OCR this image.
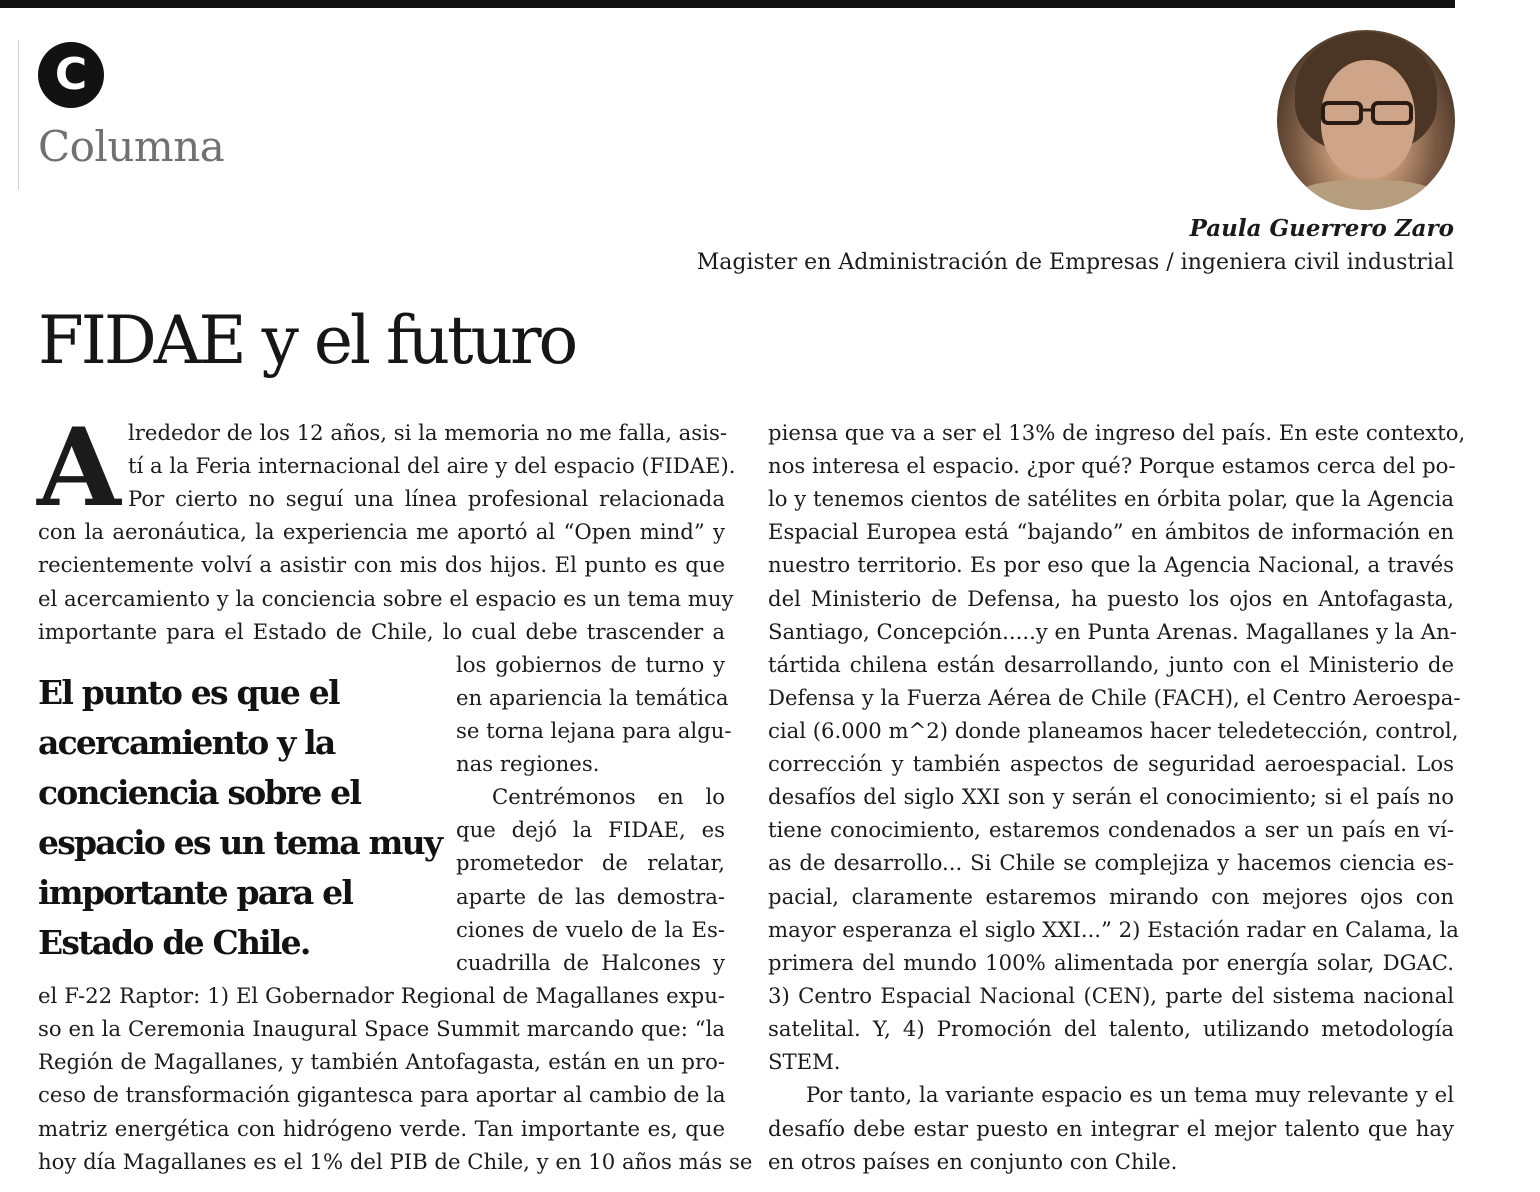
C
Columna
Paula Guerrero Zaro
Magister en Administración de Empresas / ingeniera civil industrial
FIDAE y el futuro
A
El punto es que el acercamiento y la conciencia sobre el espacio es un tema muy importante para el Estado de Chile.

lrededor de los 12 años, si la memoria no me falla, asis-

tí a la Feria internacional del aire y del espacio (FIDAE).

Por cierto no seguí una línea profesional relacionada

con la aeronáutica, la experiencia me aportó al “Open mind” y

recientemente volví a asistir con mis dos hijos. El punto es que

el acercamiento y la conciencia sobre el espacio es un tema muy

importante para el Estado de Chile, lo cual debe trascender a

los gobiernos de turno y

en apariencia la temática

se torna lejana para algu-

nas regiones.

Centrémonos en lo

que dejó la FIDAE, es

prometedor de relatar,

aparte de las demostra-

ciones de vuelo de la Es-

cuadrilla de Halcones y

el F-22 Raptor: 1) El Gobernador Regional de Magallanes expu-

so en la Ceremonia Inaugural Space Summit marcando que: “la

Región de Magallanes, y también Antofagasta, están en un pro-

ceso de transformación gigantesca para aportar al cambio de la

matriz energética con hidrógeno verde. Tan importante es, que

hoy día Magallanes es el 1% del PIB de Chile, y en 10 años más se

piensa que va a ser el 13% de ingreso del país. En este contexto,

nos interesa el espacio. ¿por qué? Porque estamos cerca del po-

lo y tenemos cientos de satélites en órbita polar, que la Agencia

Espacial Europea está “bajando” en ámbitos de información en

nuestro territorio. Es por eso que la Agencia Nacional, a través

del Ministerio de Defensa, ha puesto los ojos en Antofagasta,

Santiago, Concepción.....y en Punta Arenas. Magallanes y la An-

tártida chilena están desarrollando, junto con el Ministerio de

Defensa y la Fuerza Aérea de Chile (FACH), el Centro Aeroespa-

cial (6.000 m^2) donde planeamos hacer teledetección, control,

corrección y también aspectos de seguridad aeroespacial. Los

desafíos del siglo XXI son y serán el conocimiento; si el país no

tiene conocimiento, estaremos condenados a ser un país en ví-

as de desarrollo... Si Chile se complejiza y hacemos ciencia es-

pacial, claramente estaremos mirando con mejores ojos con

mayor esperanza el siglo XXI...” 2) Estación radar en Calama, la

primera del mundo 100% alimentada por energía solar, DGAC.

3) Centro Espacial Nacional (CEN), parte del sistema nacional

satelital. Y, 4) Promoción del talento, utilizando metodología

STEM.

Por tanto, la variante espacio es un tema muy relevante y el

desafío debe estar puesto en integrar el mejor talento que hay

en otros países en conjunto con Chile.
